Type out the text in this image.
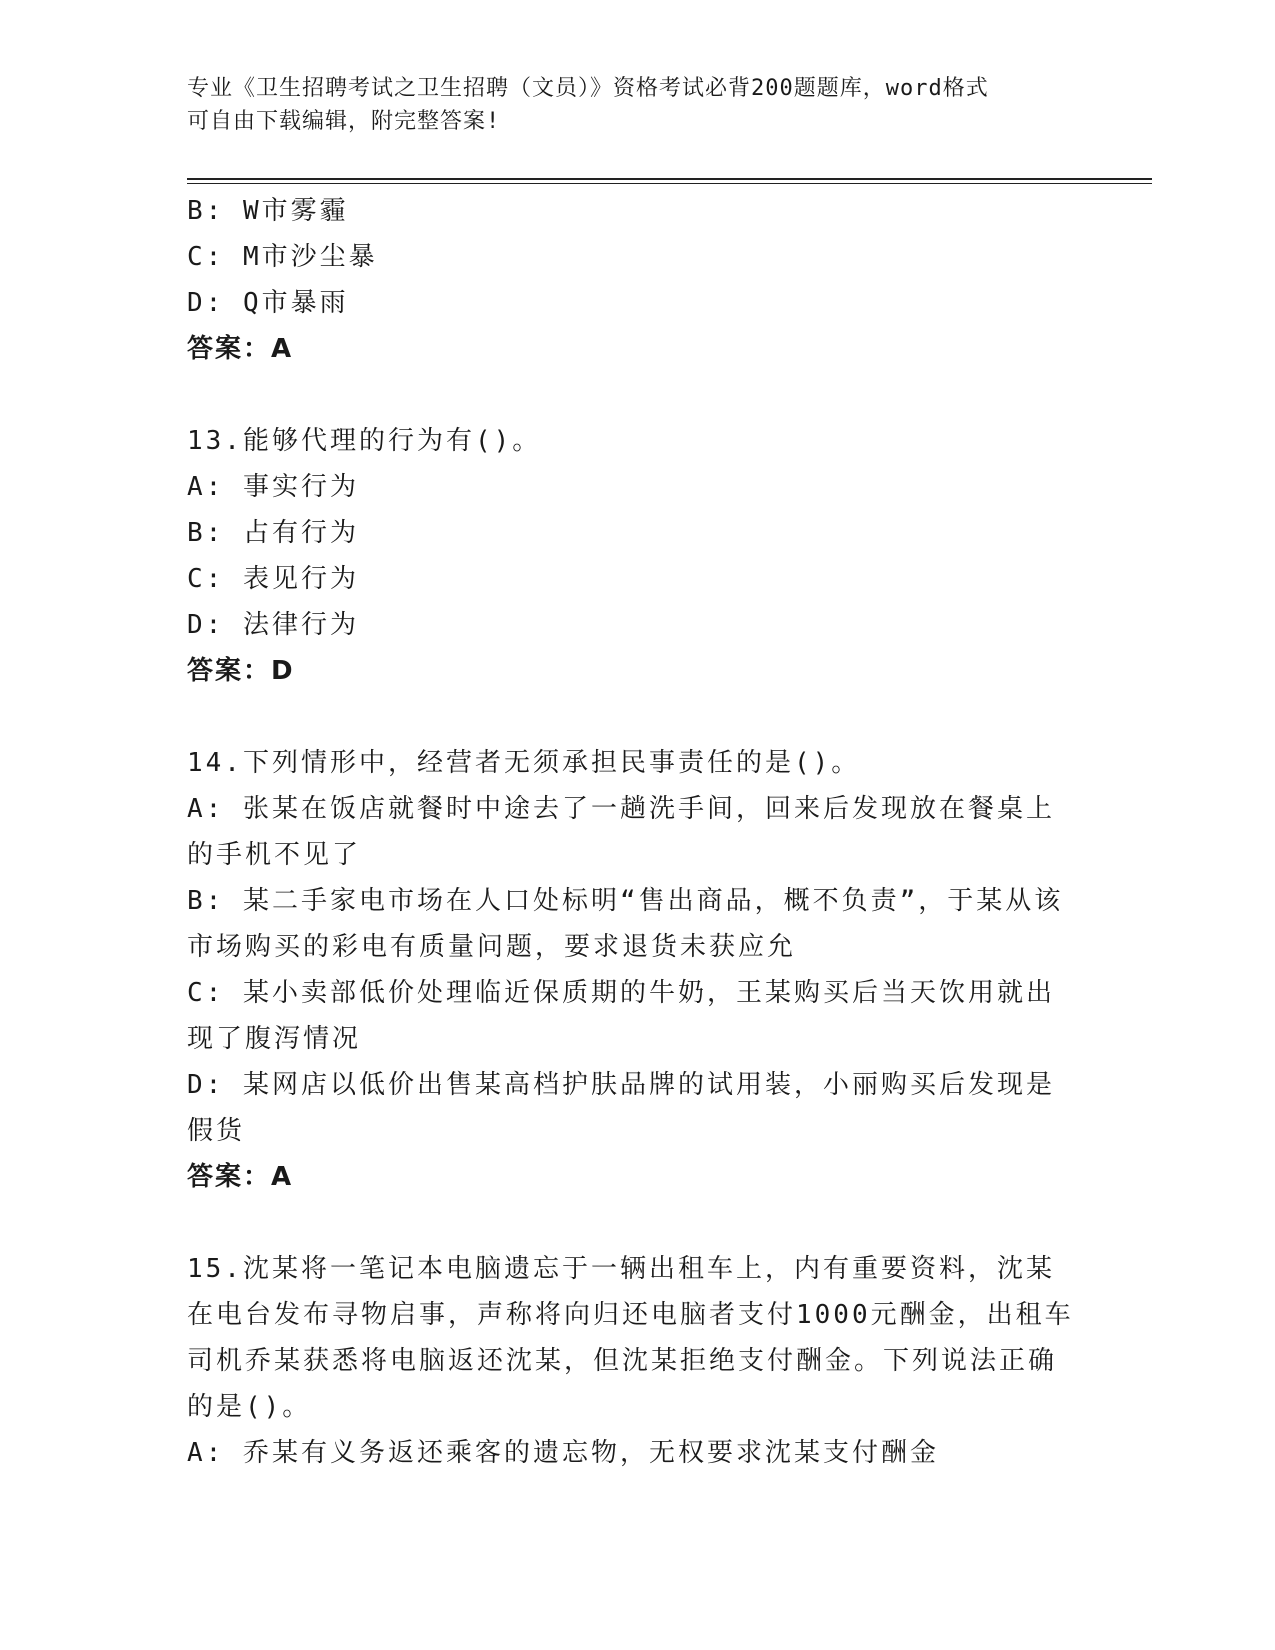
专业《卫生招聘考试之卫生招聘（文员）》资格考试必背200题题库，word格式
可自由下载编辑，附完整答案!

B: W市雾霾

C: M市沙尘暴

D: Q市暴雨

答案：A

13.能够代理的行为有()。

A: 事实行为

B: 占有行为

C: 表见行为

D: 法律行为

答案：D

14.下列情形中，经营者无须承担民事责任的是()。

A: 张某在饭店就餐时中途去了一趟洗手间，回来后发现放在餐桌上的手机不见了

B: 某二手家电市场在人口处标明“售出商品，概不负责”，于某从该市场购买的彩电有质量问题，要求退货未获应允

C: 某小卖部低价处理临近保质期的牛奶，王某购买后当天饮用就出现了腹泻情况

D: 某网店以低价出售某高档护肤品牌的试用装，小丽购买后发现是假货

答案：A

15.沈某将一笔记本电脑遗忘于一辆出租车上，内有重要资料，沈某在电台发布寻物启事，声称将向归还电脑者支付1000元酬金，出租车司机乔某获悉将电脑返还沈某，但沈某拒绝支付酬金。下列说法正确的是()。

A: 乔某有义务返还乘客的遗忘物，无权要求沈某支付酬金
